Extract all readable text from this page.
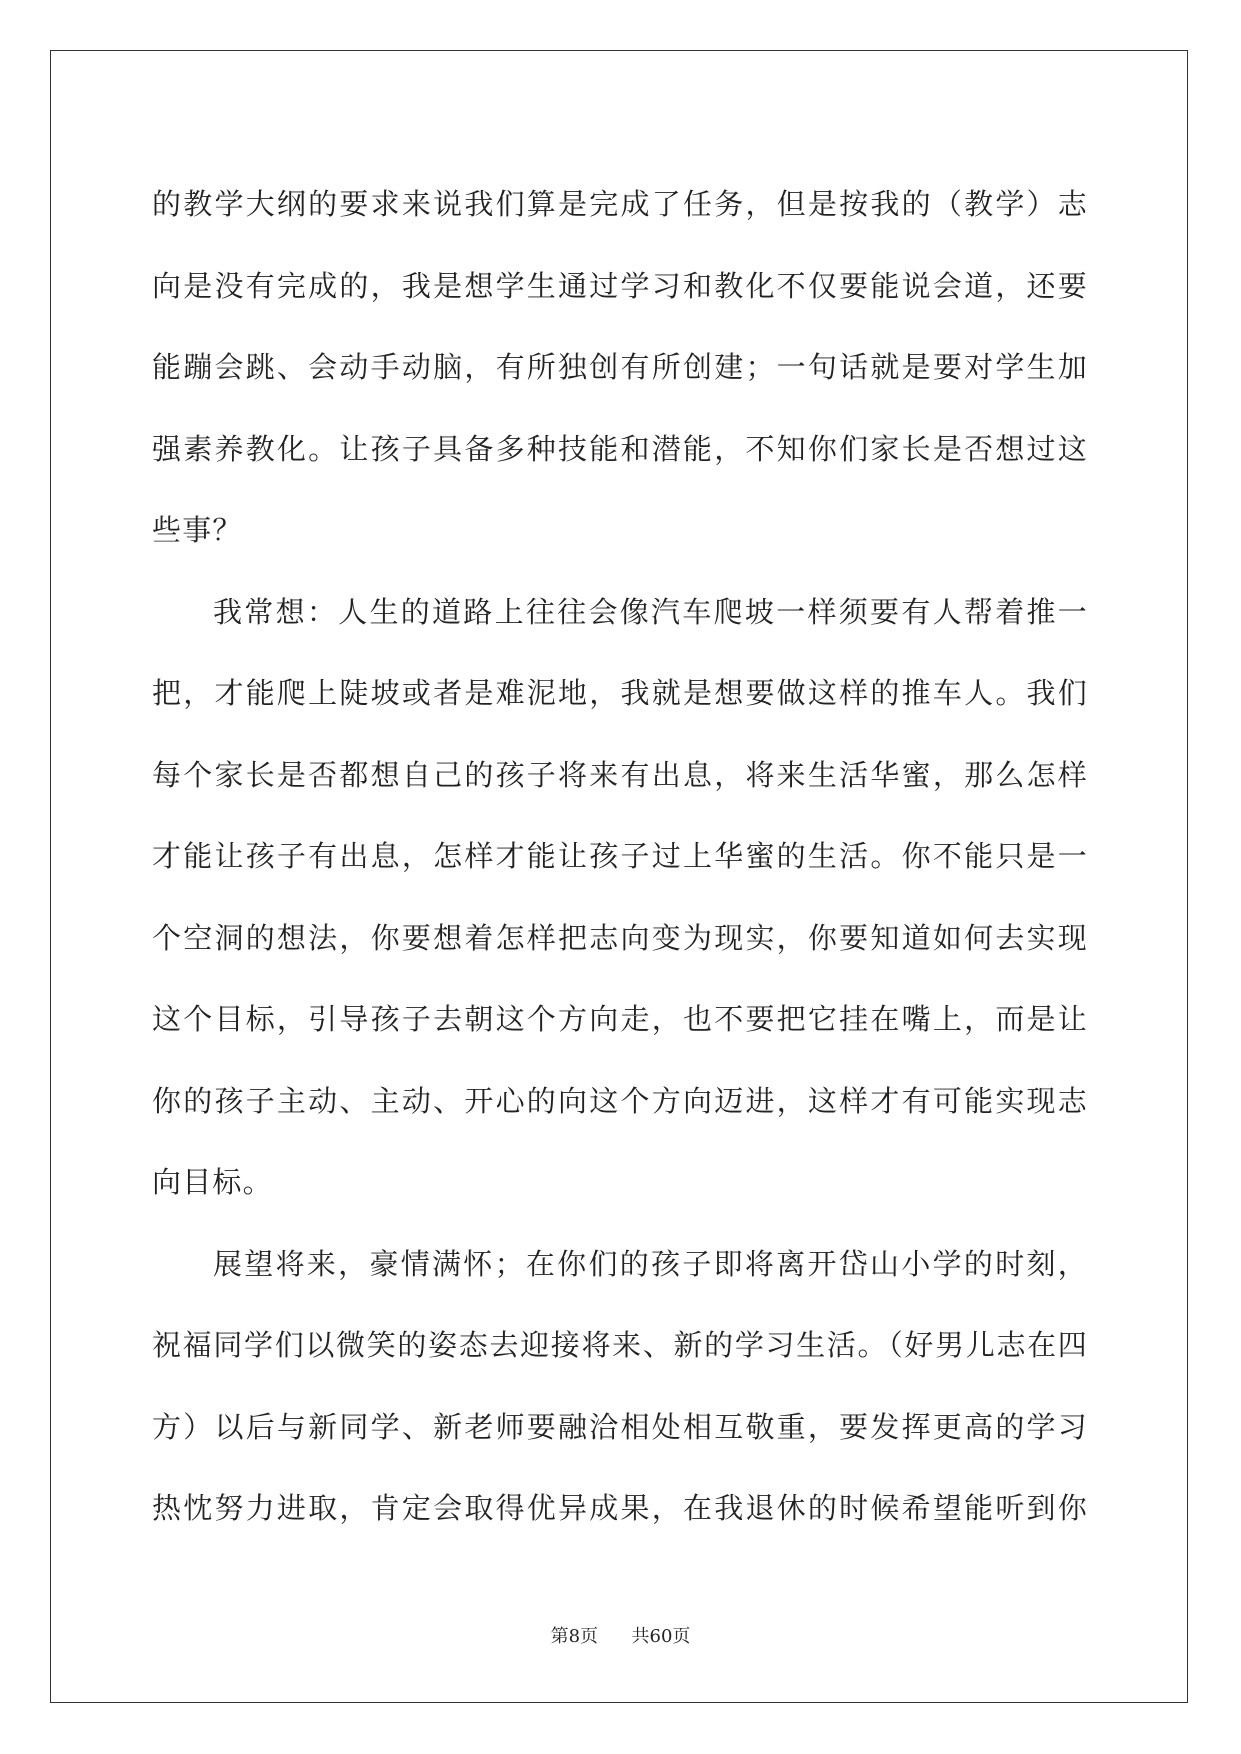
的教学大纲的要求来说我们算是完成了任务，但是按我的（教学）志
向是没有完成的，我是想学生通过学习和教化不仅要能说会道，还要
能蹦会跳、会动手动脑，有所独创有所创建；一句话就是要对学生加
强素养教化。让孩子具备多种技能和潜能，不知你们家长是否想过这
些事？
我常想：人生的道路上往往会像汽车爬坡一样须要有人帮着推一
把，才能爬上陡坡或者是难泥地，我就是想要做这样的推车人。我们
每个家长是否都想自己的孩子将来有出息，将来生活华蜜，那么怎样
才能让孩子有出息，怎样才能让孩子过上华蜜的生活。你不能只是一
个空洞的想法，你要想着怎样把志向变为现实，你要知道如何去实现
这个目标，引导孩子去朝这个方向走，也不要把它挂在嘴上，而是让
你的孩子主动、主动、开心的向这个方向迈进，这样才有可能实现志
向目标。
展望将来，豪情满怀；在你们的孩子即将离开岱山小学的时刻，
祝福同学们以微笑的姿态去迎接将来、新的学习生活。（好男儿志在四
方）以后与新同学、新老师要融洽相处相互敬重，要发挥更高的学习
热忱努力进取，肯定会取得优异成果，在我退休的时候希望能听到你
第8页 共60页
